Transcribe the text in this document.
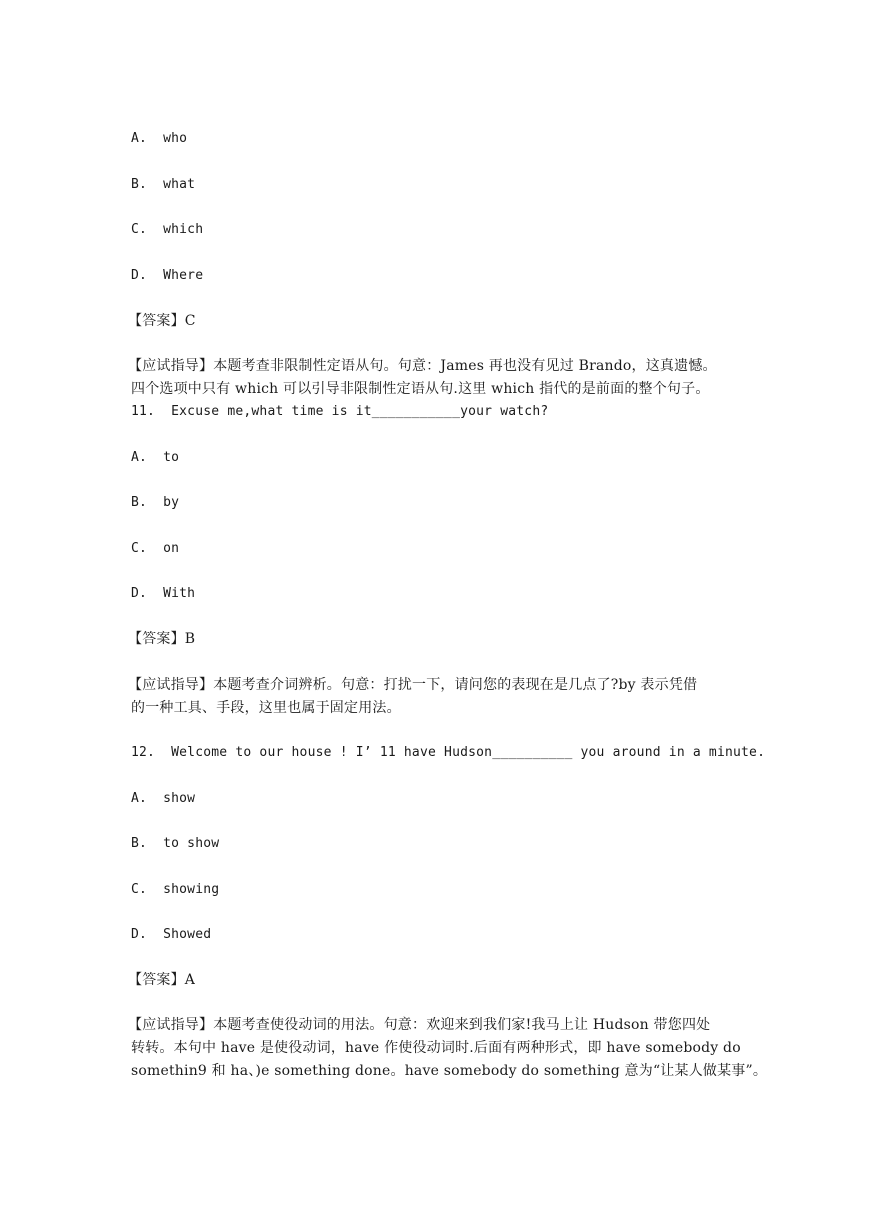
A.  who

B.  what

C.  which

D.  Where

【答案】C

【应试指导】本题考查非限制性定语从句。句意：James 再也没有见过 Brando，这真遗憾。

四个选项中只有 which 可以引导非限制性定语从句.这里 which 指代的是前面的整个句子。

11.  Excuse me,what time is it___________your watch?

A.  to

B.  by

C.  on

D.  With

【答案】B

【应试指导】本题考查介词辨析。句意：打扰一下，请问您的表现在是几点了?by 表示凭借

的一种工具、手段，这里也属于固定用法。

12.  Welcome to our house ! I’ 11 have Hudson__________ you around in a minute.

A.  show

B.  to show

C.  showing

D.  Showed

【答案】A

【应试指导】本题考查使役动词的用法。句意：欢迎来到我们家!我马上让 Hudson 带您四处

转转。本句中 have 是使役动词，have 作使役动词时.后面有两种形式，即 have somebody do

somethin9 和 ha、)e something done。have somebody do something 意为“让某人做某事”。
